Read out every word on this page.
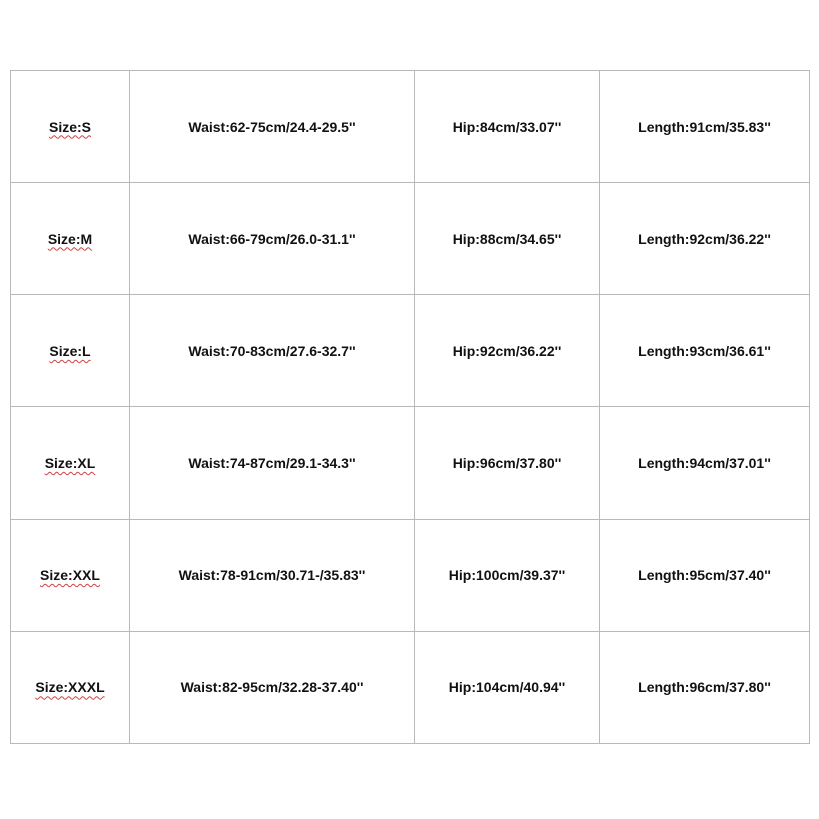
Size:S	Waist:62-75cm/24.4-29.5''	Hip:84cm/33.07''	Length:91cm/35.83''
Size:M	Waist:66-79cm/26.0-31.1''	Hip:88cm/34.65''	Length:92cm/36.22''
Size:L	Waist:70-83cm/27.6-32.7''	Hip:92cm/36.22''	Length:93cm/36.61''
Size:XL	Waist:74-87cm/29.1-34.3''	Hip:96cm/37.80''	Length:94cm/37.01''
Size:XXL	Waist:78-91cm/30.71-/35.83''	Hip:100cm/39.37''	Length:95cm/37.40''
Size:XXXL	Waist:82-95cm/32.28-37.40''	Hip:104cm/40.94''	Length:96cm/37.80''
